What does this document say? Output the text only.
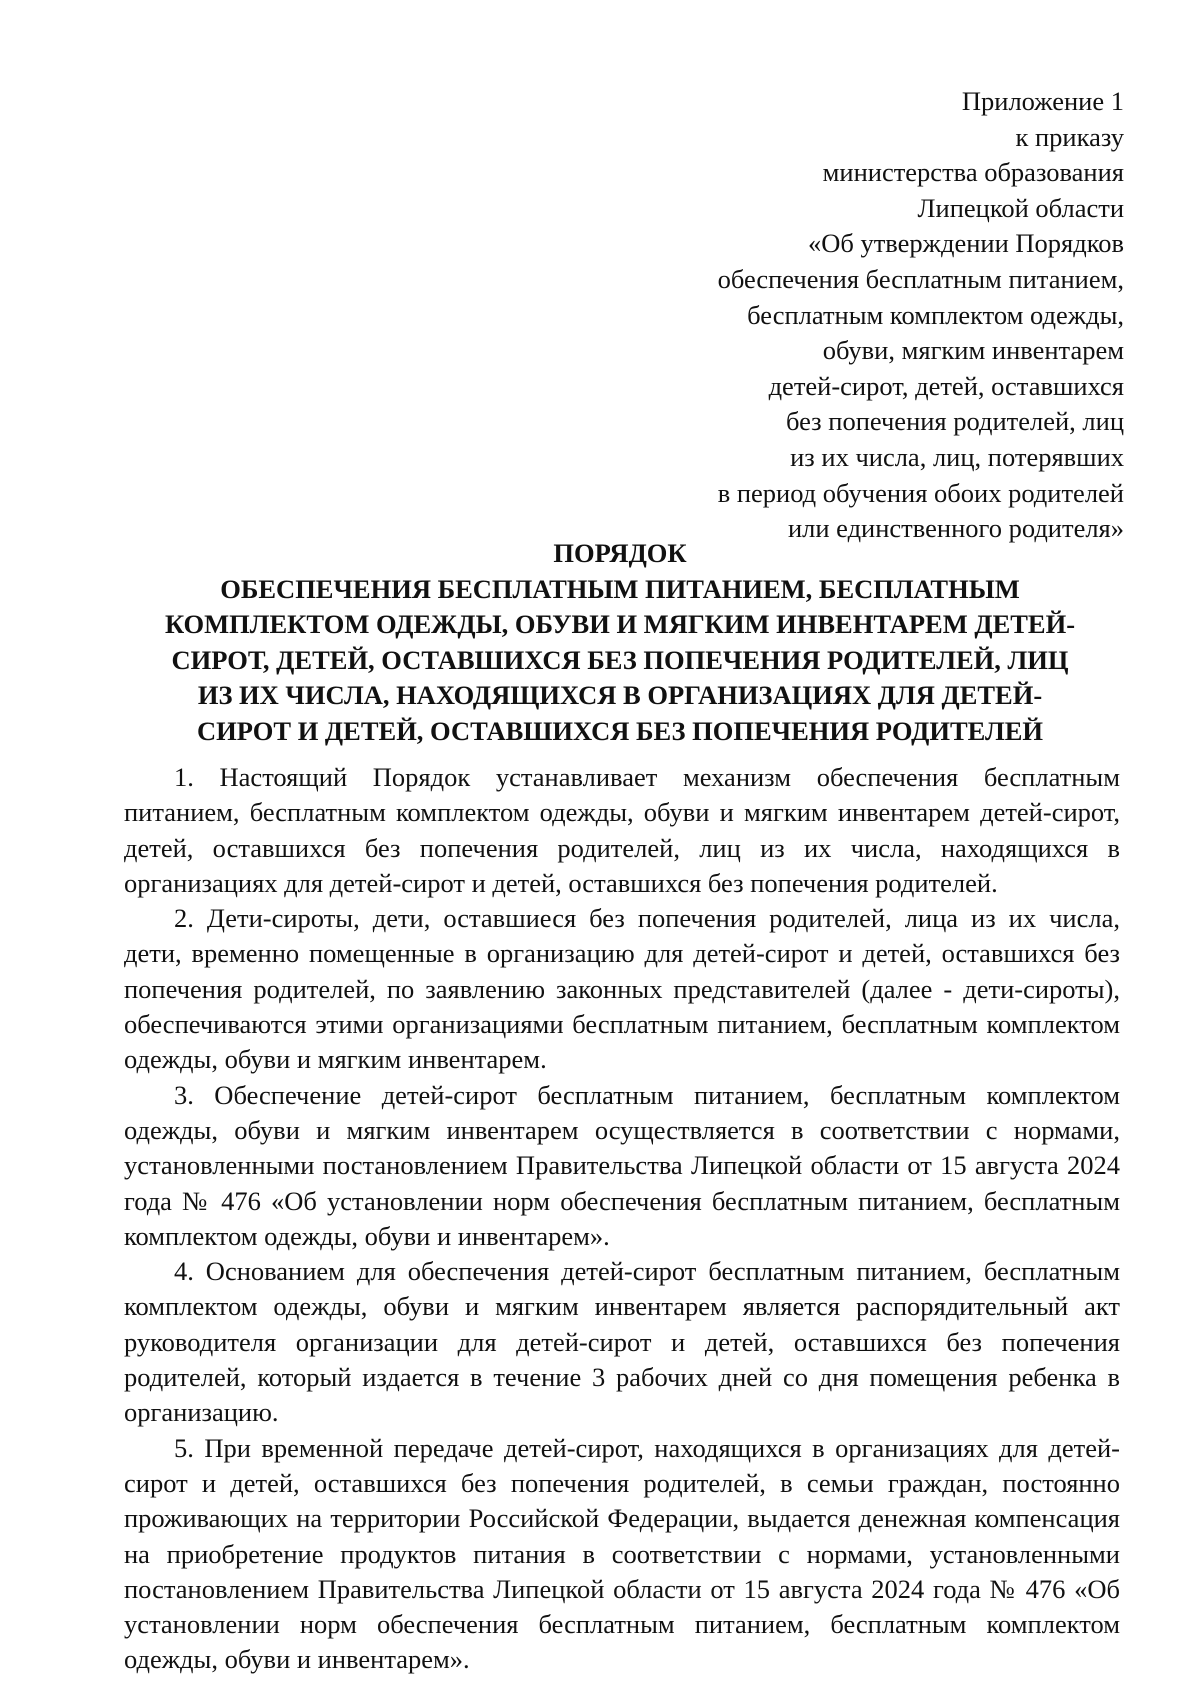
Приложение 1
к приказу
министерства образования
Липецкой области
«Об утверждении Порядков
обеспечения бесплатным питанием,
бесплатным комплектом одежды,
обуви, мягким инвентарем
детей-сирот, детей, оставшихся
без попечения родителей, лиц
из их числа, лиц, потерявших
в период обучения обоих родителей
или единственного родителя»
ПОРЯДОК
ОБЕСПЕЧЕНИЯ БЕСПЛАТНЫМ ПИТАНИЕМ, БЕСПЛАТНЫМ
КОМПЛЕКТОМ ОДЕЖДЫ, ОБУВИ И МЯГКИМ ИНВЕНТАРЕМ ДЕТЕЙ-
СИРОТ, ДЕТЕЙ, ОСТАВШИХСЯ БЕЗ ПОПЕЧЕНИЯ РОДИТЕЛЕЙ, ЛИЦ
ИЗ ИХ ЧИСЛА, НАХОДЯЩИХСЯ В ОРГАНИЗАЦИЯХ ДЛЯ ДЕТЕЙ-
СИРОТ И ДЕТЕЙ, ОСТАВШИХСЯ БЕЗ ПОПЕЧЕНИЯ РОДИТЕЛЕЙ

1. Настоящий Порядок устанавливает механизм обеспечения бесплатным питанием, бесплатным комплектом одежды, обуви и мягким инвентарем детей-сирот, детей, оставшихся без попечения родителей, лиц из их числа, находящихся в организациях для детей-сирот и детей, оставшихся без попечения родителей.

2. Дети-сироты, дети, оставшиеся без попечения родителей, лица из их числа, дети, временно помещенные в организацию для детей-сирот и детей, оставшихся без попечения родителей, по заявлению законных представителей (далее - дети-сироты), обеспечиваются этими организациями бесплатным питанием, бесплатным комплектом одежды, обуви и мягким инвентарем.

3. Обеспечение детей-сирот бесплатным питанием, бесплатным комплектом одежды, обуви и мягким инвентарем осуществляется в соответствии с нормами, установленными постановлением Правительства Липецкой области от 15 августа 2024 года № 476 «Об установлении норм обеспечения бесплатным питанием, бесплатным комплектом одежды, обуви и инвентарем».

4. Основанием для обеспечения детей-сирот бесплатным питанием, бесплатным комплектом одежды, обуви и мягким инвентарем является распорядительный акт руководителя организации для детей-сирот и детей, оставшихся без попечения родителей, который издается в течение 3 рабочих дней со дня помещения ребенка в организацию.

5. При временной передаче детей-сирот, находящихся в организациях для детей-сирот и детей, оставшихся без попечения родителей, в семьи граждан, постоянно проживающих на территории Российской Федерации, выдается денежная компенсация на приобретение продуктов питания в соответствии с нормами, установленными постановлением Правительства Липецкой области от 15 августа 2024 года № 476 «Об установлении норм обеспечения бесплатным питанием, бесплатным комплектом одежды, обуви и инвентарем».
